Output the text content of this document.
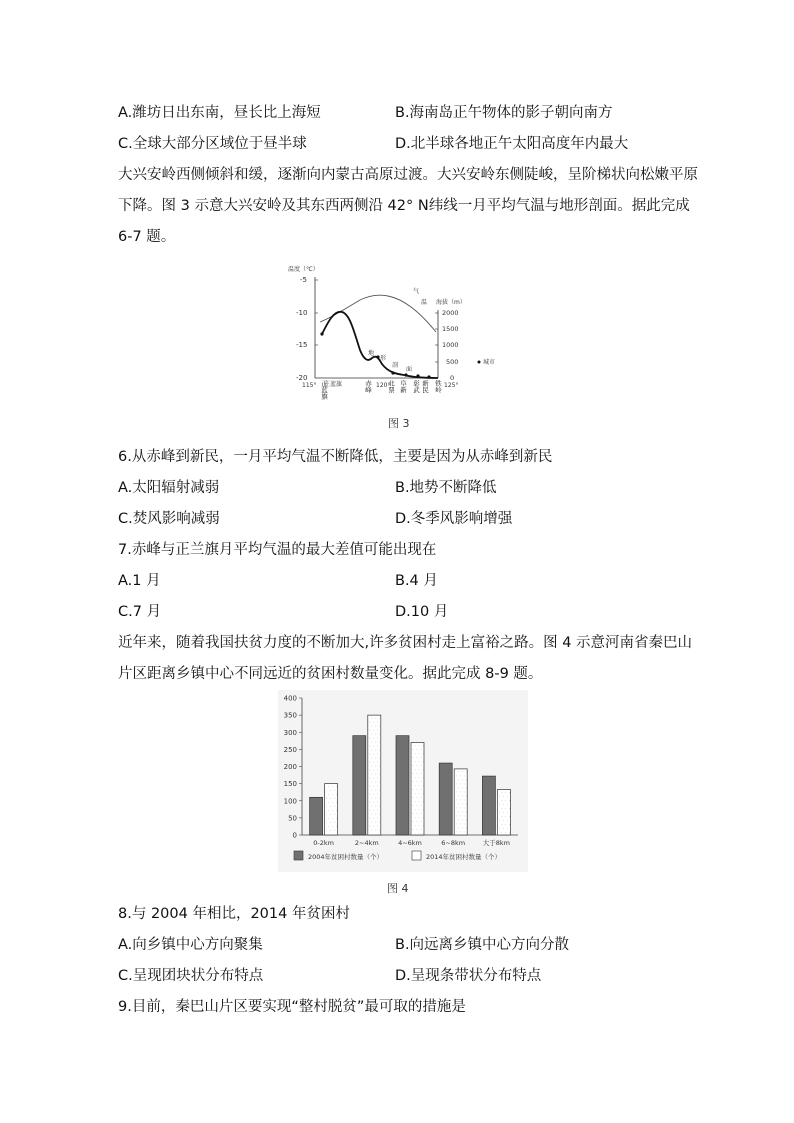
A.潍坊日出东南，昼长比上海短	B.海南岛正午物体的影子朝向南方
C.全球大部分区域位于昼半球	D.北半球各地正午太阳高度年内最大
大兴安岭西侧倾斜和缓，逐渐向内蒙古高原过渡。大兴安岭东侧陡峻，呈阶梯状向松嫩平原
下降。图 3 示意大兴安岭及其东西两侧沿 42° N纬线一月平均气温与地形剖面。据此完成
6-7 题。
温度（℃）
海拔（m）
-5
-10
-15
-20
2000
1500
1000
500
0
气
温
地
形
剖
面
城市
115°	120°	125°
正蓝旗
正蓝旗	赤峰 北票 阜新 彰武 新民 铁岭
图 3
6.从赤峰到新民，一月平均气温不断降低，主要是因为从赤峰到新民
A.太阳辐射减弱	B.地势不断降低
C.焚风影响减弱	D.冬季风影响增强
7.赤峰与正兰旗月平均气温的最大差值可能出现在
A.1 月	B.4 月
C.7 月	D.10 月
近年来，随着我国扶贫力度的不断加大,许多贫困村走上富裕之路。图 4 示意河南省秦巴山
片区距离乡镇中心不同远近的贫困村数量变化。据此完成 8-9 题。
0
50
100
150
200
250
300
350
400
0-2km	2~4km	4~6km	6~8km	大于8km
2004年贫困村数量（个）	2014年贫困村数量（个）
图 4
8.与 2004 年相比，2014 年贫困村
A.向乡镇中心方向聚集	B.向远离乡镇中心方向分散
C.呈现团块状分布特点	D.呈现条带状分布特点
9.目前，秦巴山片区要实现“整村脱贫”最可取的措施是
